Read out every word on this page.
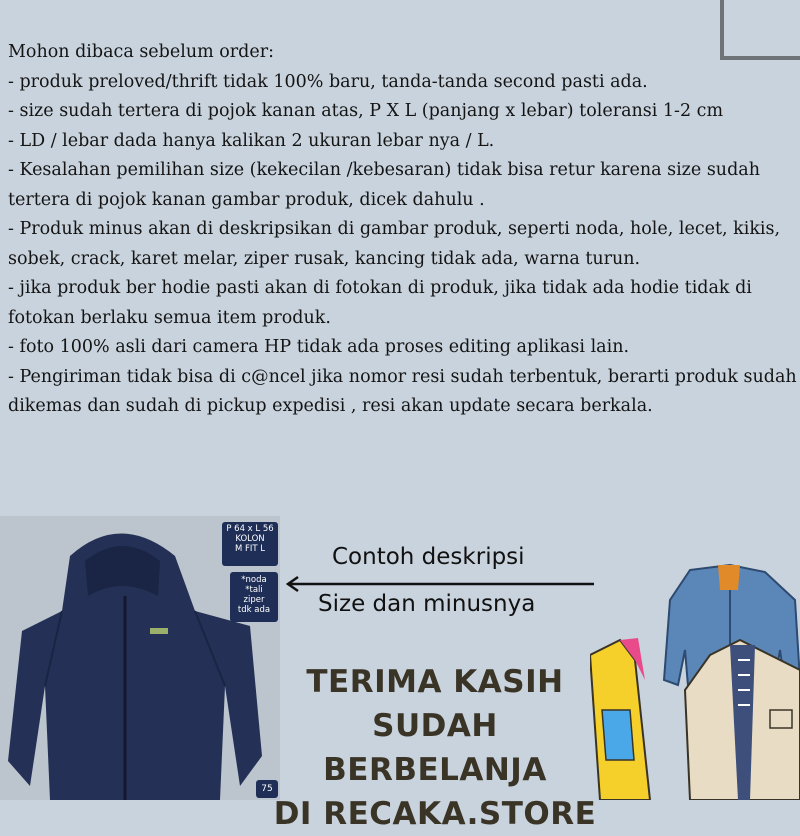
Mohon dibaca sebelum order:
- produk preloved/thrift tidak 100% baru, tanda-tanda second pasti ada.
- size sudah tertera di pojok kanan atas, P X L (panjang x lebar) toleransi 1-2 cm
- LD / lebar dada hanya kalikan 2 ukuran lebar nya / L.
- Kesalahan pemilihan size (kekecilan /kebesaran) tidak bisa retur karena size sudah tertera di pojok kanan gambar produk, dicek dahulu .
- Produk minus akan di deskripsikan di gambar produk, seperti noda, hole, lecet, kikis, sobek, crack, karet melar, ziper rusak, kancing tidak ada, warna turun.
- jika produk ber hodie pasti akan di fotokan di produk, jika tidak ada hodie tidak di fotokan berlaku semua item produk.
- foto 100% asli dari camera HP tidak ada proses editing aplikasi lain.
- Pengiriman tidak bisa di c@ncel jika nomor resi sudah terbentuk, berarti produk sudah dikemas dan sudah di pickup expedisi , resi akan update secara berkala.
P 64 x L 56
KOLON
M FIT L
*noda
*tali
ziper
tdk ada
75
Contoh deskripsi
Size dan minusnya
TERIMA KASIH
SUDAH BERBELANJA
DI RECAKA.STORE
